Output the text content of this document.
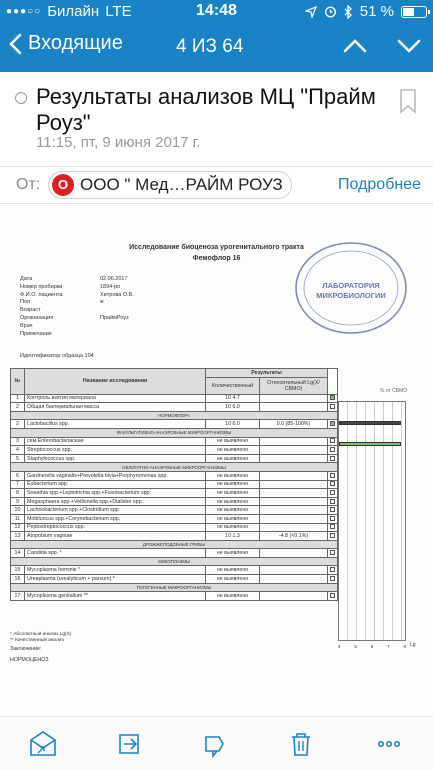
●●●○○ Билайн LTE	14:48	51 %
Входящие	4 ИЗ 64
Результаты анализов МЦ "Прайм Роуз"
11:15, пт, 9 июня 2017 г.
От:	О ООО " Мед…РАЙМ РОУЗ	Подробнее
Исследование биоценоза урогенитального тракта
Фемофлор 16
Дата	02.06.2017
Номер пробирки	1894-ро
Ф.И.О. пациента	Хитрова О.В.
Пол	ж
Возраст
Организация	ПраймРоуз
Врач
Примечание
Идентификатор образца 104
ЛАБОРАТОРИЯ
МИКРОБИОЛОГИИ
№	Название исследования	Результаты		
		Количественный	Относительный Lg(X/СВМО)	
1	Контроль взятия материала	10 4.7		
2	Общая бактериальная масса	10 6.0		
НОРМОФЛОРА				
2	Lactobacillus spp.	10 6.0	0.0 (85-100%)	
ФАКУЛЬТАТИВНО-АНАЭРОБНЫЕ МИКРООРГАНИЗМЫ				
3	сем.Enterobacteriaceae	не выявлено		
4	Streptococcus spp.	не выявлено		
5	Staphylococcus spp.	не выявлено		
ОБЛИГАТНО-АНАЭРОБНЫЕ МИКРООРГАНИЗМЫ				
6	Gardnerella vaginalis+Prevotella bivia+Porphyromonas spp.	не выявлено		
7	Eubacterium spp.	не выявлено		
8	Sneathia spp.+Leptotrichia spp.+Fusobacterium spp.	не выявлено		
9	Megasphaera spp.+Veillonella spp.+Dialister spp.	не выявлено		
10	Lachnobacterium spp.+Clostridium spp.	не выявлено		
11	Mobiluncus spp.+Corynebacterium spp.	не выявлено		
12	Peptostreptococcus spp.	не выявлено		
13	Atopobium vaginae	10 1.3	-4.8 (<0.1%)	
ДРОЖЖЕПОДОБНЫЕ ГРИБЫ				
14	Candida spp. *	не выявлено		
МИКОПЛАЗМЫ				
15	Mycoplasma hominis *	не выявлено		
16	Ureaplasma (urealyticum + parvum) *	не выявлено		
ПАТОГЕННЫЕ МИКРООРГАНИЗМЫ				
17	Mycoplasma genitalium **	не выявлено		
% от СВМО
4	5	6	7	8 Lg
* Абсолютный анализ Lg(X)
** Качественный анализ
Заключение:
НОРМОЦЕНОЗ
